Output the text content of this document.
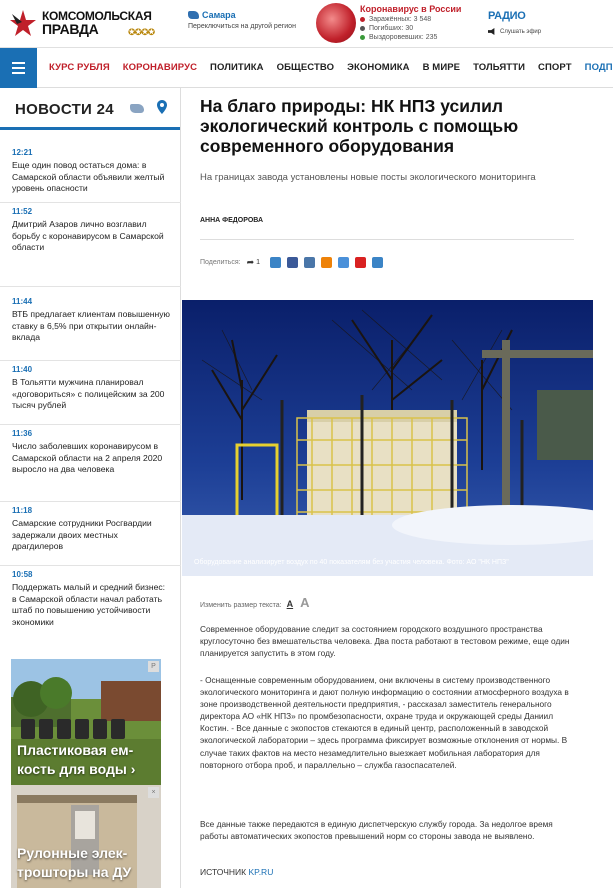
КОМСОМОЛЬСКАЯ
ПРАВДА	✪✪✪✪
Самара
Переключиться на другой регион
Коронавирус в России
Заражённых:
3 548
Погибших:
30
Выздоровевших:
235
РАДИО
Слушать эфир
КУРС РУБЛЯ КОРОНАВИРУС ПОЛИТИКА ОБЩЕСТВО ЭКОНОМИКА В МИРЕ ТОЛЬЯТТИ СПОРТ ПОДП
НОВОСТИ 24
12:21
Еще один повод остаться дома: в Самарской области объявили желтый уровень опасности
11:52
Дмитрий Азаров лично возглавил борьбу с коронавирусом в Самарской области
11:44
ВТБ предлагает клиентам повышенную ставку в 6,5% при открытии онлайн-вклада
11:40
В Тольятти мужчина планировал «договориться» с полицейским за 200 тысяч рублей
11:36
Число заболевших коронавирусом в Самарской области на 2 апреля 2020 выросло на два человека
11:18
Самарские сотрудники Росгвардии задержали двоих местных драгдилеров
10:58
Поддержать малый и средний бизнес: в Самарской области начал работать штаб по повышению устойчивости экономики
P
Пластиковая ем-
кость для воды ›
×
Рулонные элек-
трошторы на ДУ
На благо природы: НК НПЗ усилил экологический контроль с помощью современного оборудования
На границах завода установлены новые посты экологического мониторинга
АННА ФЕДОРОВА
Поделиться: ➦ 1
Оборудование анализирует воздух по 40 показателям без участия человека. Фото: АО "НК НПЗ"
Изменить размер текста: A A

Современное оборудование следит за состоянием городского воздушного пространства круглосуточно без вмешательства человека. Два поста работают в тестовом режиме, еще один планируется запустить в этом году.

- Оснащенные современным оборудованием, они включены в систему производственного экологического мониторинга и дают полную информацию о состоянии атмосферного воздуха в зоне производственной деятельности предприятия, - рассказал заместитель генерального директора АО «НК НПЗ» по промбезопасности, охране труда и окружающей среды Даниил Костин. - Все данные с экопостов стекаются в единый центр, расположенный в заводской экологической лаборатории – здесь программа фиксирует возможные отклонения от нормы. В случае таких фактов на место незамедлительно выезжает мобильная лаборатория для повторного отбора проб, и параллельно – служба газоспасателей.

Все данные также передаются в единую диспетчерскую службу города. За недолгое время работы автоматических экопостов превышений норм со стороны завода не выявлено.

ИСТОЧНИК KP.RU
